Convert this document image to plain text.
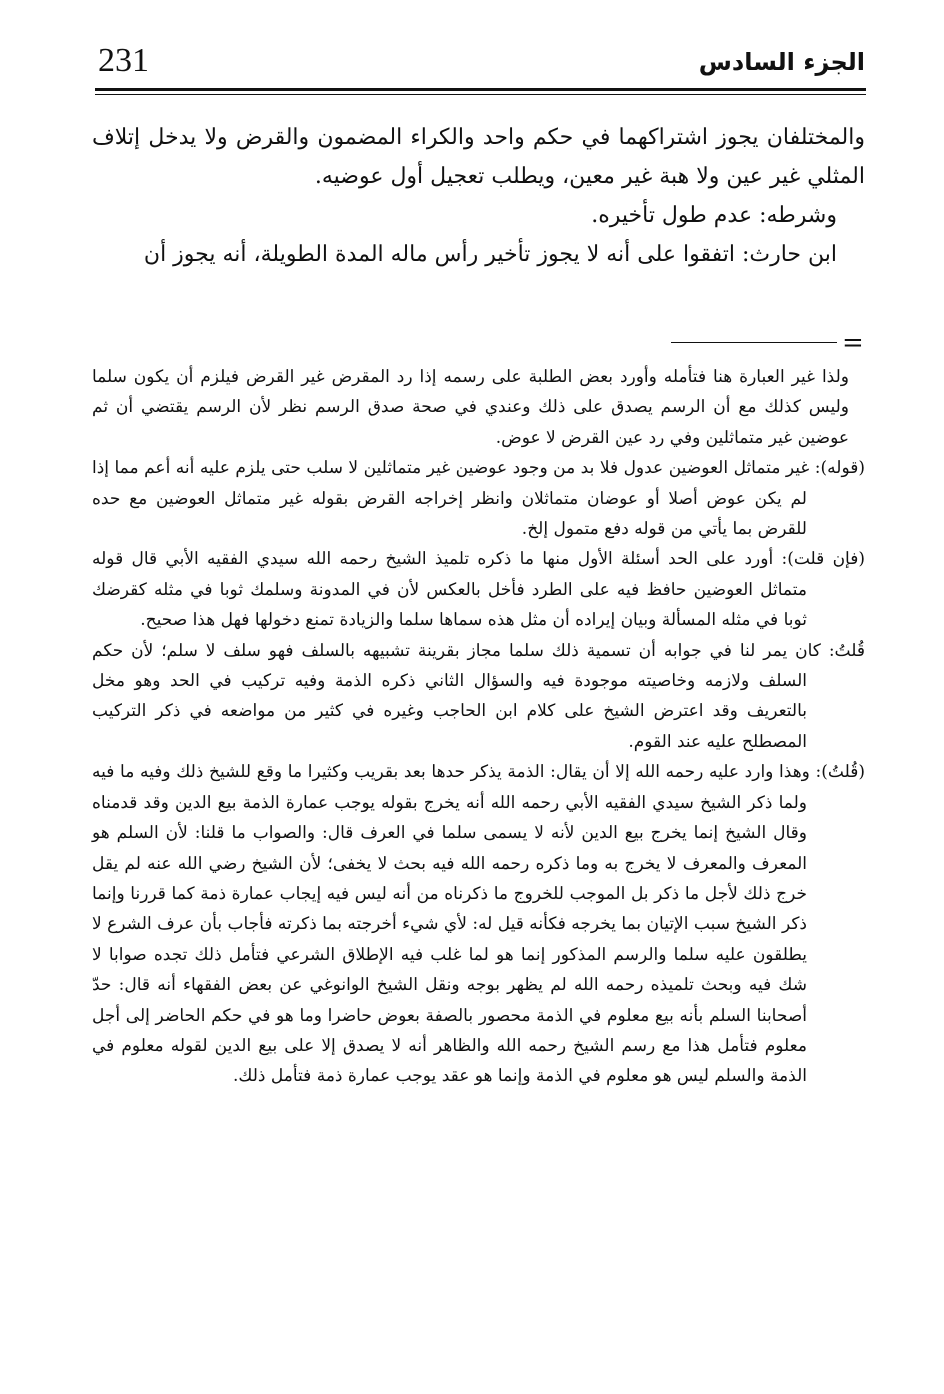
231	الجزء السادس

والمختلفان يجوز اشتراكهما في حكم واحد والكراء المضمون والقرض ولا يدخل إتلاف المثلي غير عين ولا هبة غير معين، ويطلب تعجيل أول عوضيه.

وشرطه: عدم طول تأخيره.

ابن حارث: اتفقوا على أنه لا يجوز تأخير رأس ماله المدة الطويلة، أنه يجوز أن

=

ولذا غير العبارة هنا فتأمله وأورد بعض الطلبة على رسمه إذا رد المقرض غير القرض فيلزم أن يكون سلما وليس كذلك مع أن الرسم يصدق على ذلك وعندي في صحة صدق الرسم نظر لأن الرسم يقتضي أن ثم عوضين غير متماثلين وفي رد عين القرض لا عوض.

(قوله): غير متماثل العوضين عدول فلا بد من وجود عوضين غير متماثلين لا سلب حتى يلزم عليه أنه أعم مما إذا لم يكن عوض أصلا أو عوضان متماثلان وانظر إخراجه القرض بقوله غير متماثل العوضين مع حده للقرض بما يأتي من قوله دفع متمول إلخ.

(فإن قلت): أورد على الحد أسئلة الأول منها ما ذكره تلميذ الشيخ رحمه الله سيدي الفقيه الأبي قال قوله متماثل العوضين حافظ فيه على الطرد فأخل بالعكس لأن في المدونة وسلمك ثوبا في مثله كقرضك ثوبا في مثله المسألة وبيان إيراده أن مثل هذه سماها سلما والزيادة تمنع دخولها فهل هذا صحيح.

قُلتُ: كان يمر لنا في جوابه أن تسمية ذلك سلما مجاز بقرينة تشبيهه بالسلف فهو سلف لا سلم؛ لأن حكم السلف ولازمه وخاصيته موجودة فيه والسؤال الثاني ذكره الذمة وفيه تركيب في الحد وهو مخل بالتعريف وقد اعترض الشيخ على كلام ابن الحاجب وغيره في كثير من مواضعه في ذكر التركيب المصطلح عليه عند القوم.

(قُلتُ): وهذا وارد عليه رحمه الله إلا أن يقال: الذمة يذكر حدها بعد بقريب وكثيرا ما وقع للشيخ ذلك وفيه ما فيه ولما ذكر الشيخ سيدي الفقيه الأبي رحمه الله أنه يخرج بقوله يوجب عمارة الذمة بيع الدين وقد قدمناه وقال الشيخ إنما يخرج بيع الدين لأنه لا يسمى سلما في العرف قال: والصواب ما قلنا: لأن السلم هو المعرف والمعرف لا يخرج به وما ذكره رحمه الله فيه بحث لا يخفى؛ لأن الشيخ رضي الله عنه لم يقل خرج ذلك لأجل ما ذكر بل الموجب للخروج ما ذكرناه من أنه ليس فيه إيجاب عمارة ذمة كما قررنا وإنما ذكر الشيخ سبب الإتيان بما يخرجه فكأنه قيل له: لأي شيء أخرجته بما ذكرته فأجاب بأن عرف الشرع لا يطلقون عليه سلما والرسم المذكور إنما هو لما غلب فيه الإطلاق الشرعي فتأمل ذلك تجده صوابا لا شك فيه وبحث تلميذه رحمه الله لم يظهر بوجه ونقل الشيخ الوانوغي عن بعض الفقهاء أنه قال: حدّ أصحابنا السلم بأنه بيع معلوم في الذمة محصور بالصفة بعوض حاضرا وما هو في حكم الحاضر إلى أجل معلوم فتأمل هذا مع رسم الشيخ رحمه الله والظاهر أنه لا يصدق إلا على بيع الدين لقوله معلوم في الذمة والسلم ليس هو معلوم في الذمة وإنما هو عقد يوجب عمارة ذمة فتأمل ذلك.
